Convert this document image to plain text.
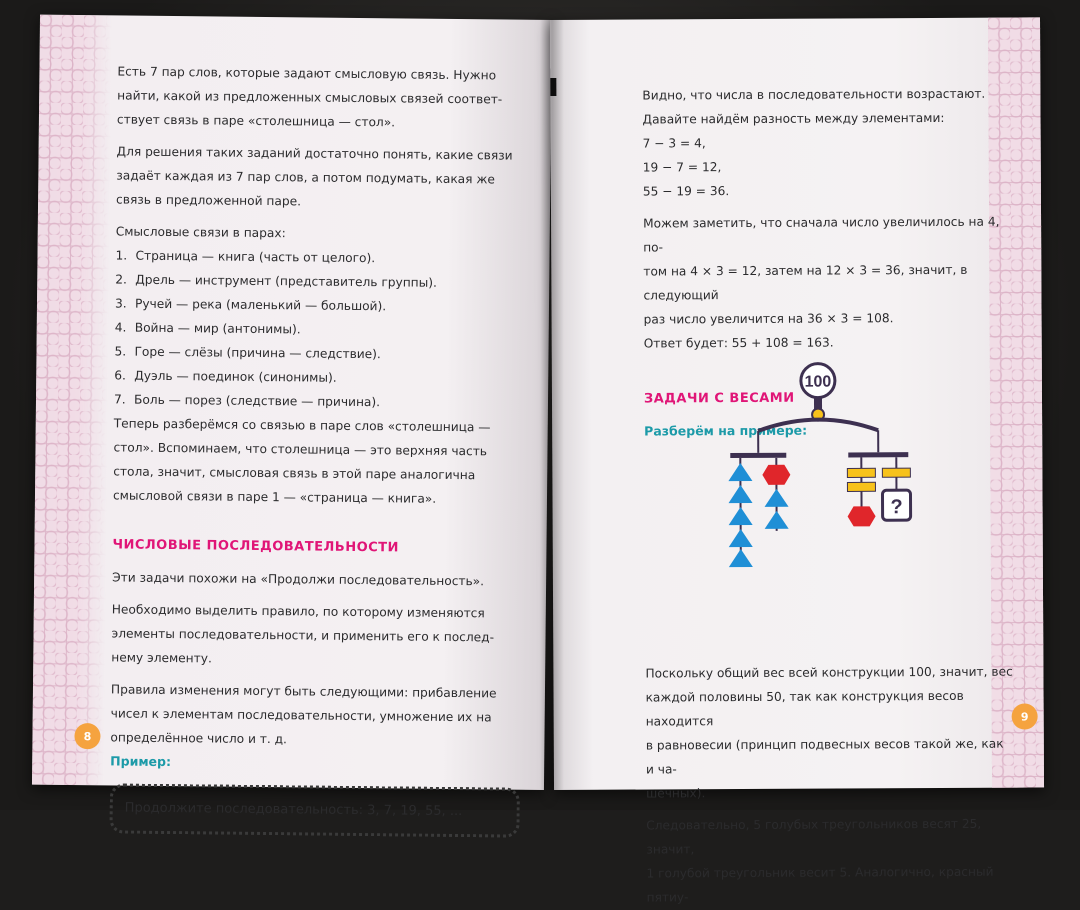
Есть 7 пар слов, которые задают смысловую связь. Нужно

найти, какой из предложенных смысловых связей соответ-

ствует связь в паре «столешница — стол».

Для решения таких заданий достаточно понять, какие связи

задаёт каждая из 7 пар слов, а потом подумать, какая же

связь в предложенной паре.

Смысловые связи в парах:

1. Страница — книга (часть от целого).
2. Дрель — инструмент (представитель группы).
3. Ручей — река (маленький — большой).
4. Война — мир (антонимы).
5. Горе — слёзы (причина — следствие).
6. Дуэль — поединок (синонимы).
7. Боль — порез (следствие — причина).

Теперь разберёмся со связью в паре слов «столешница —

стол». Вспоминаем, что столешница — это верхняя часть

стола, значит, смысловая связь в этой паре аналогична

смысловой связи в паре 1 — «страница — книга».

ЧИСЛОВЫЕ ПОСЛЕДОВАТЕЛЬНОСТИ

Эти задачи похожи на «Продолжи последовательность».

Необходимо выделить правило, по которому изменяются

элементы последовательности, и применить его к послед-

нему элементу.

Правила изменения могут быть следующими: прибавление

чисел к элементам последовательности, умножение их на

определённое число и т. д.

Пример:

Продолжите последовательность: 3, 7, 19, 55, ...
8

Видно, что числа в последовательности возрастают.

Давайте найдём разность между элементами:

7 − 3 = 4,

19 − 7 = 12,

55 − 19 = 36.

Можем заметить, что сначала число увеличилось на 4, по-

том на 4 × 3 = 12, затем на 12 × 3 = 36, значит, в следующий

раз число увеличится на 36 × 3 = 108.

Ответ будет: 55 + 108 = 163.

ЗАДАЧИ С ВЕСАМИ

Разберём на примере:

Поскольку общий вес всей конструкции 100, значит, вес

каждой половины 50, так как конструкция весов находится

в равновесии (принцип подвесных весов такой же, как и ча-

шечных).

Следовательно, 5 голубых треугольников весят 25, значит,

1 голубой треугольник весит 5. Аналогично, красный пятиу-

100
?
9
